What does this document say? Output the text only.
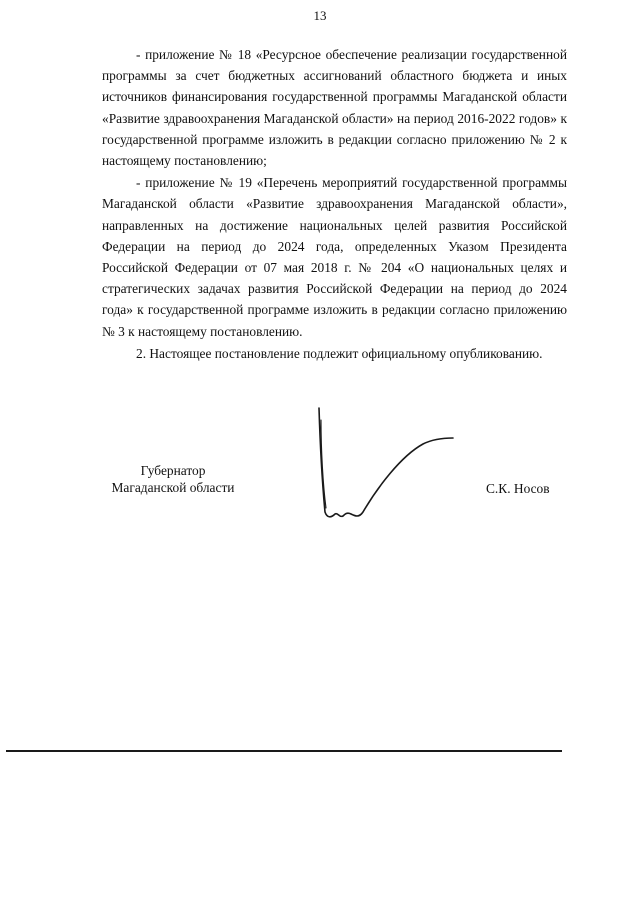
13

- приложение № 18 «Ресурсное обеспечение реализации государственной программы за счет бюджетных ассигнований областного бюджета и иных источников финансирования государственной программы Магаданской области «Развитие здравоохранения Магаданской области» на период 2016-2022 годов» к государственной программе изложить в редакции согласно приложению № 2 к настоящему постановлению;

- приложение № 19 «Перечень мероприятий государственной программы Магаданской области «Развитие здравоохранения Магаданской области», направленных на достижение национальных целей развития Российской Федерации на период до 2024 года, определенных Указом Президента Российской Федерации от 07 мая 2018 г. № 204 «О национальных целях и стратегических задачах развития Российской Федерации на период до 2024 года» к государственной программе изложить в редакции согласно приложению № 3 к настоящему постановлению.

2. Настоящее постановление подлежит официальному опубликованию.

Губернатор
Магаданской области	С.К. Носов
